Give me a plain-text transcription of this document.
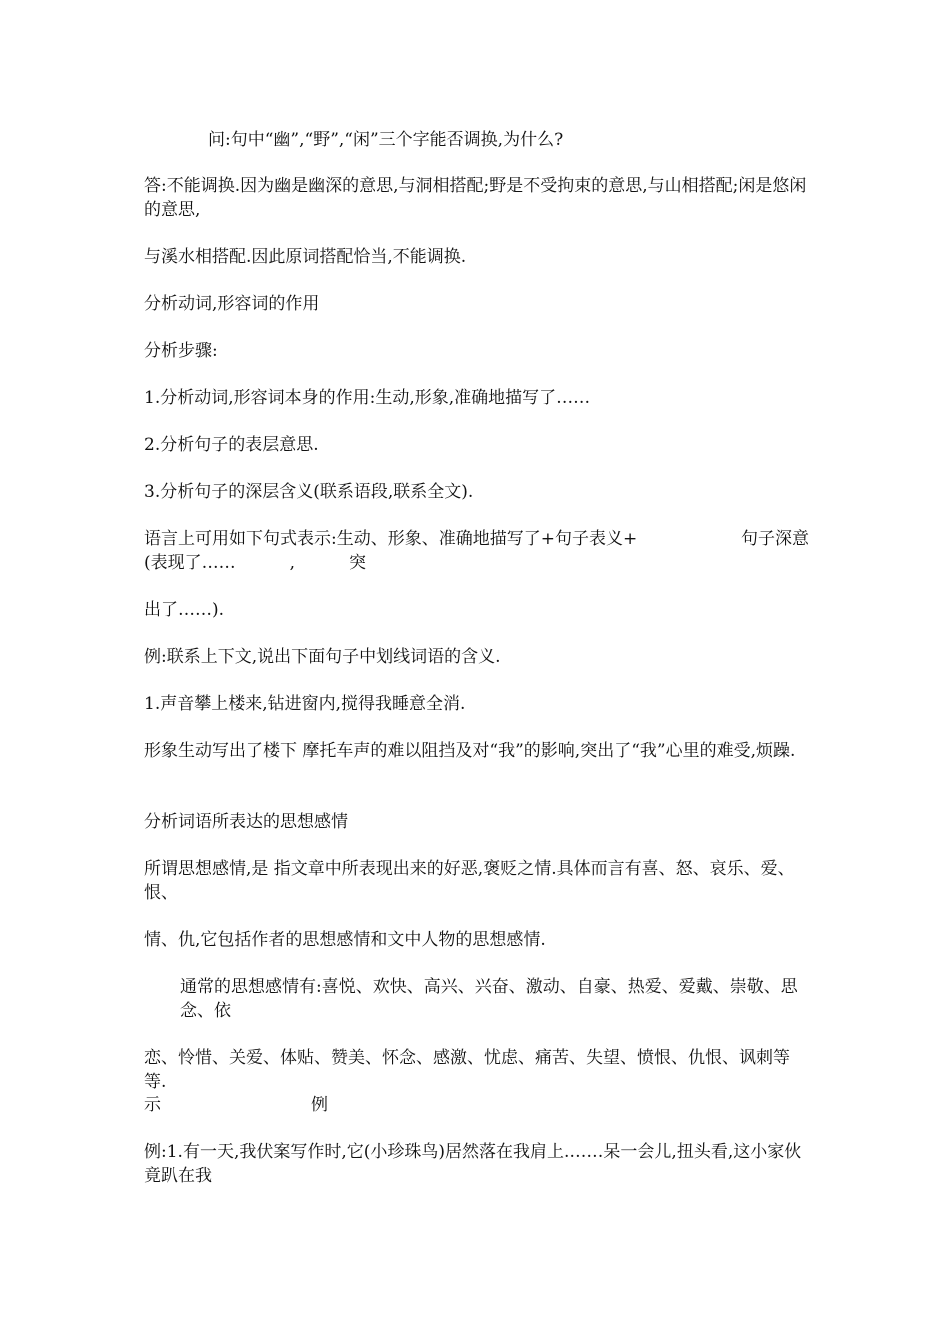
问:句中“幽”,“野”,“闲”三个字能否调换,为什么?

答:不能调换.因为幽是幽深的意思,与洞相搭配;野是不受拘束的意思,与山相搭配;闲是悠闲的意思,

与溪水相搭配.因此原词搭配恰当,不能调换.

分析动词,形容词的作用

分析步骤:

1.分析动词,形容词本身的作用:生动,形象,准确地描写了……

2.分析句子的表层意思.

3.分析句子的深层含义(联系语段,联系全文).

语言上可用如下句式表示:生动、形象、准确地描写了+句子表义+	句子深意
(表现了……	,	突

出了……).

例:联系上下文,说出下面句子中划线词语的含义.

1.声音攀上楼来,钻进窗内,搅得我睡意全消.

形象生动写出了楼下 摩托车声的难以阻挡及对“我”的影响,突出了“我”心里的难受,烦躁.

分析词语所表达的思想感情

所谓思想感情,是 指文章中所表现出来的好恶,褒贬之情.具体而言有喜、怒、哀乐、爱、恨、

情、仇,它包括作者的思想感情和文中人物的思想感情.

通常的思想感情有:喜悦、欢快、高兴、兴奋、激动、自豪、热爱、爱戴、崇敬、思念、依

恋、怜惜、关爱、体贴、赞美、怀念、感激、忧虑、痛苦、失望、愤恨、仇恨、讽刺等等.

示	例

例:1.有一天,我伏案写作时,它(小珍珠鸟)居然落在我肩上.……呆一会儿,扭头看,这小家伙竟趴在我
